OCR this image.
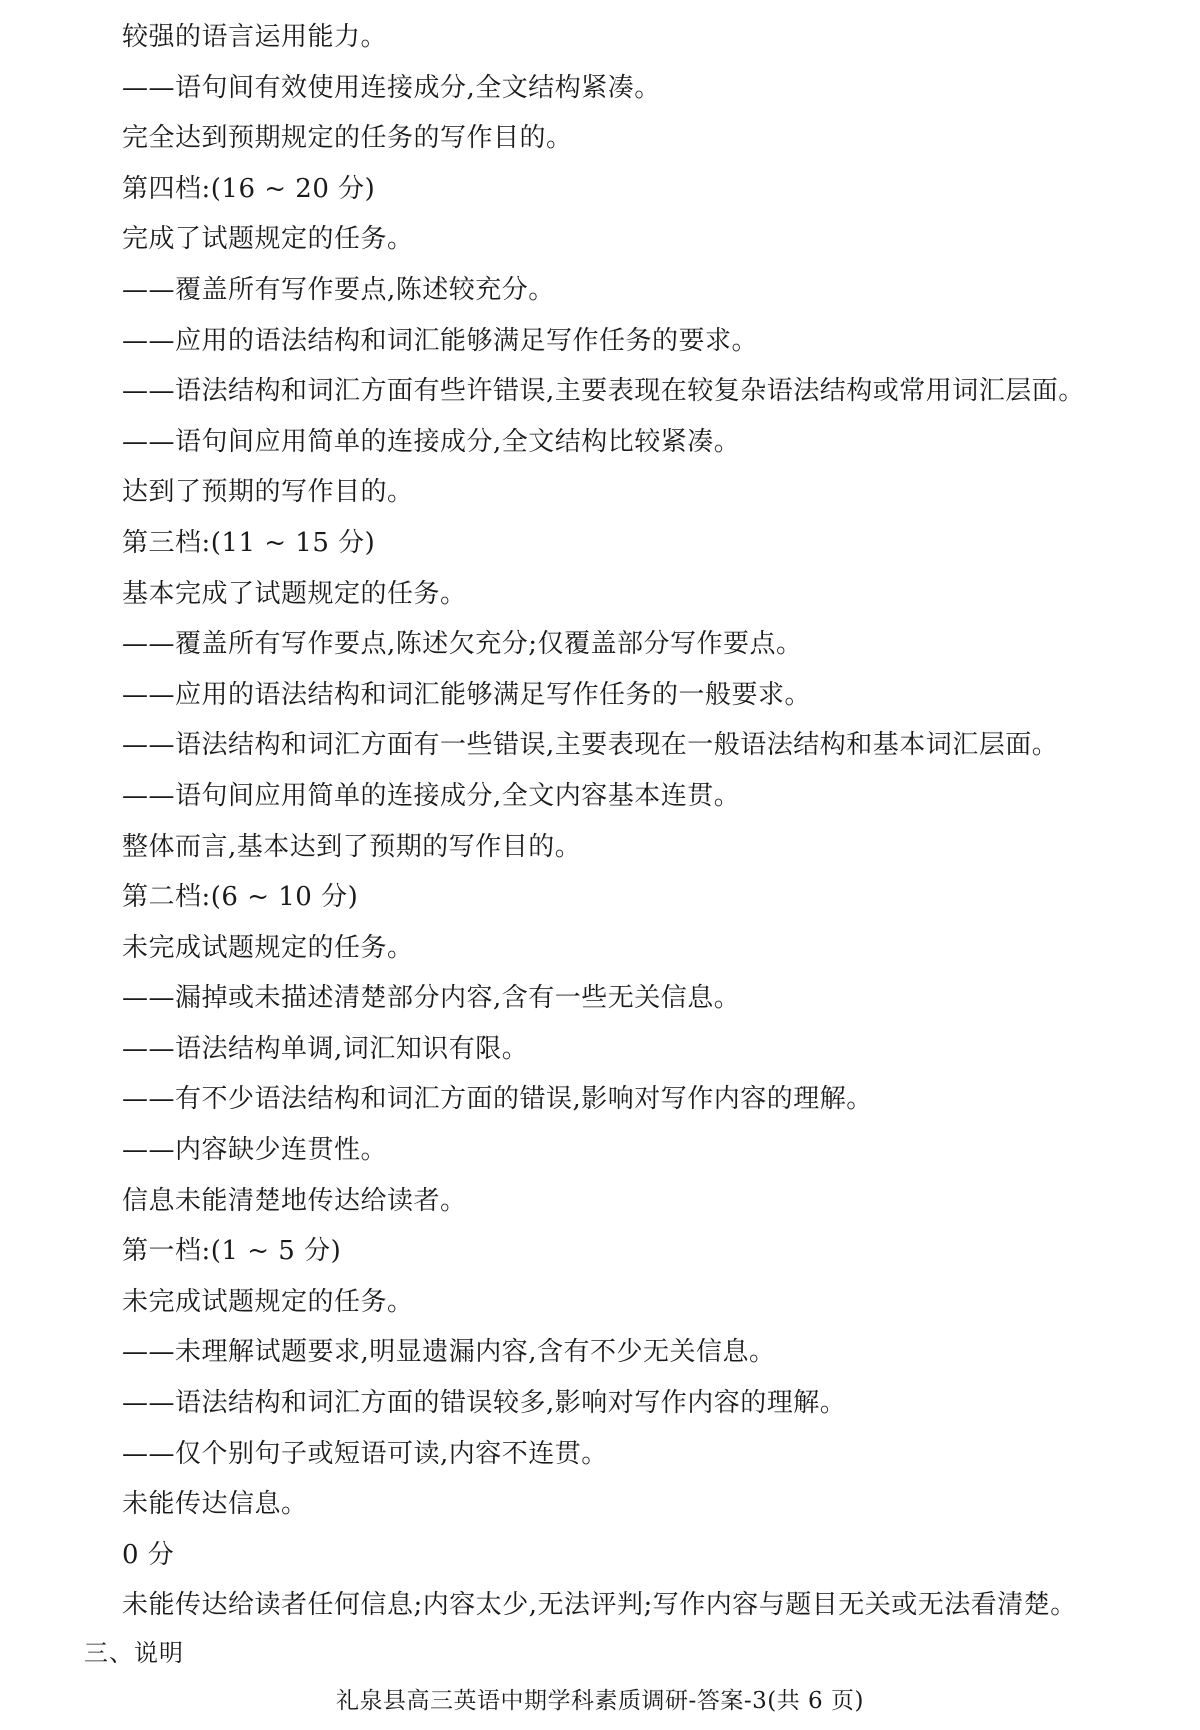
较强的语言运用能力。
——语句间有效使用连接成分,全文结构紧凑。
完全达到预期规定的任务的写作目的。
第四档:(16 ~ 20 分)
完成了试题规定的任务。
——覆盖所有写作要点,陈述较充分。
——应用的语法结构和词汇能够满足写作任务的要求。
——语法结构和词汇方面有些许错误,主要表现在较复杂语法结构或常用词汇层面。
——语句间应用简单的连接成分,全文结构比较紧凑。
达到了预期的写作目的。
第三档:(11 ~ 15 分)
基本完成了试题规定的任务。
——覆盖所有写作要点,陈述欠充分;仅覆盖部分写作要点。
——应用的语法结构和词汇能够满足写作任务的一般要求。
——语法结构和词汇方面有一些错误,主要表现在一般语法结构和基本词汇层面。
——语句间应用简单的连接成分,全文内容基本连贯。
整体而言,基本达到了预期的写作目的。
第二档:(6 ~ 10 分)
未完成试题规定的任务。
——漏掉或未描述清楚部分内容,含有一些无关信息。
——语法结构单调,词汇知识有限。
——有不少语法结构和词汇方面的错误,影响对写作内容的理解。
——内容缺少连贯性。
信息未能清楚地传达给读者。
第一档:(1 ~ 5 分)
未完成试题规定的任务。
——未理解试题要求,明显遗漏内容,含有不少无关信息。
——语法结构和词汇方面的错误较多,影响对写作内容的理解。
——仅个别句子或短语可读,内容不连贯。
未能传达信息。
0 分
未能传达给读者任何信息;内容太少,无法评判;写作内容与题目无关或无法看清楚。
三、说明
礼泉县高三英语中期学科素质调研-答案-3(共 6 页)
